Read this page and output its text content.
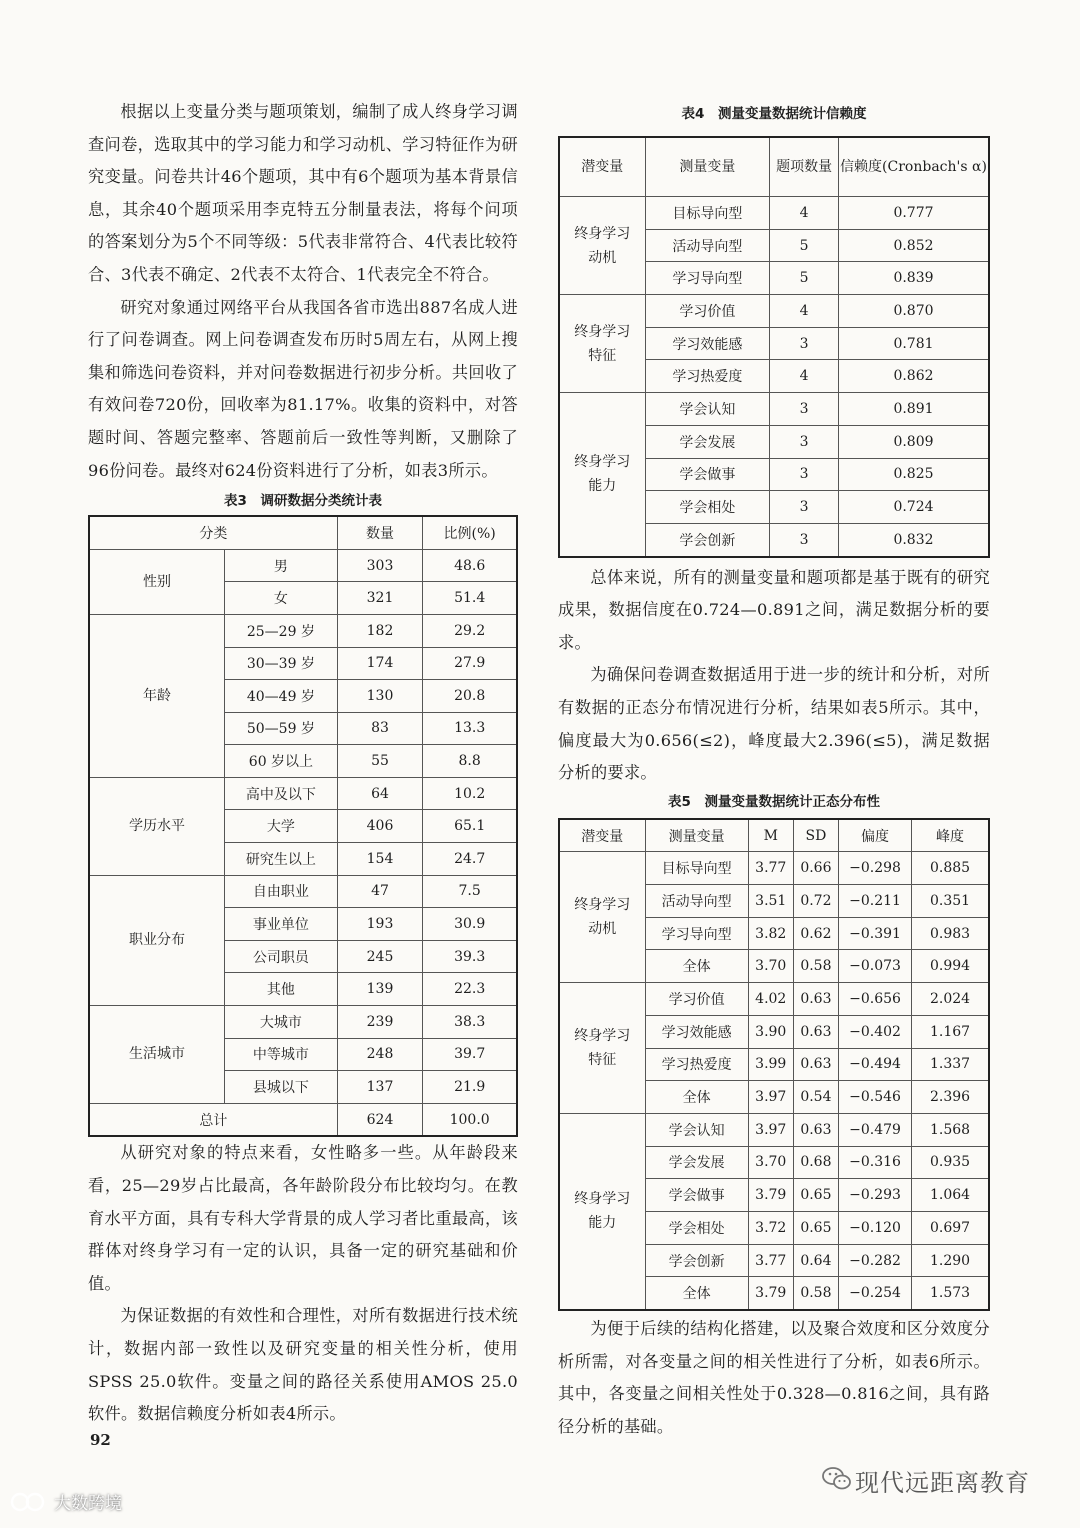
根据以上变量分类与题项策划，编制了成人终身学习调查问卷，选取其中的学习能力和学习动机、学习特征作为研究变量。问卷共计46个题项，其中有6个题项为基本背景信息，其余40个题项采用李克特五分制量表法，将每个问项的答案划分为5个不同等级：5代表非常符合、4代表比较符合、3代表不确定、2代表不太符合、1代表完全不符合。

研究对象通过网络平台从我国各省市选出887名成人进行了问卷调查。网上问卷调查发布历时5周左右，从网上搜集和筛选问卷资料，并对问卷数据进行初步分析。共回收了有效问卷720份，回收率为81.17%。收集的资料中，对答题时间、答题完整率、答题前后一致性等判断，又删除了96份问卷。最终对624份资料进行了分析，如表3所示。

表3　调研数据分类统计表

分类		数量	比例(%)
性别	男	303	48.6
	女	321	51.4
年龄	25—29 岁	182	29.2
	30—39 岁	174	27.9
	40—49 岁	130	20.8
	50—59 岁	83	13.3
	60 岁以上	55	8.8
学历水平	高中及以下	64	10.2
	大学	406	65.1
	研究生以上	154	24.7
职业分布	自由职业	47	7.5
	事业单位	193	30.9
	公司职员	245	39.3
	其他	139	22.3
生活城市	大城市	239	38.3
	中等城市	248	39.7
	县城以下	137	21.9
总计		624	100.0

从研究对象的特点来看，女性略多一些。从年龄段来看，25—29岁占比最高，各年龄阶段分布比较均匀。在教育水平方面，具有专科大学背景的成人学习者比重最高，该群体对终身学习有一定的认识，具备一定的研究基础和价值。

为保证数据的有效性和合理性，对所有数据进行技术统计，数据内部一致性以及研究变量的相关性分析，使用SPSS 25.0软件。变量之间的路径关系使用AMOS 25.0软件。数据信赖度分析如表4所示。

表4　测量变量数据统计信赖度

潜变量	测量变量	题项数量	信赖度(Cronbach's α)
终身学习动机	目标导向型	4	0.777
	活动导向型	5	0.852
	学习导向型	5	0.839
终身学习特征	学习价值	4	0.870
	学习效能感	3	0.781
	学习热爱度	4	0.862
终身学习能力	学会认知	3	0.891
	学会发展	3	0.809
	学会做事	3	0.825
	学会相处	3	0.724
	学会创新	3	0.832

总体来说，所有的测量变量和题项都是基于既有的研究成果，数据信度在0.724—0.891之间，满足数据分析的要求。

为确保问卷调查数据适用于进一步的统计和分析，对所有数据的正态分布情况进行分析，结果如表5所示。其中，偏度最大为0.656(≤2)，峰度最大2.396(≤5)，满足数据分析的要求。

表5　测量变量数据统计正态分布性

潜变量	测量变量	M	SD	偏度	峰度
终身学习动机	目标导向型	3.77	0.66	−0.298	0.885
	活动导向型	3.51	0.72	−0.211	0.351
	学习导向型	3.82	0.62	−0.391	0.983
	全体	3.70	0.58	−0.073	0.994
终身学习特征	学习价值	4.02	0.63	−0.656	2.024
	学习效能感	3.90	0.63	−0.402	1.167
	学习热爱度	3.99	0.63	−0.494	1.337
	全体	3.97	0.54	−0.546	2.396
终身学习能力	学会认知	3.97	0.63	−0.479	1.568
	学会发展	3.70	0.68	−0.316	0.935
	学会做事	3.79	0.65	−0.293	1.064
	学会相处	3.72	0.65	−0.120	0.697
	学会创新	3.77	0.64	−0.282	1.290
	全体	3.79	0.58	−0.254	1.573

为便于后续的结构化搭建，以及聚合效度和区分效度分析所需，对各变量之间的相关性进行了分析，如表6所示。其中，各变量之间相关性处于0.328—0.816之间，具有路径分析的基础。

92
现代远距离教育
大数跨境
